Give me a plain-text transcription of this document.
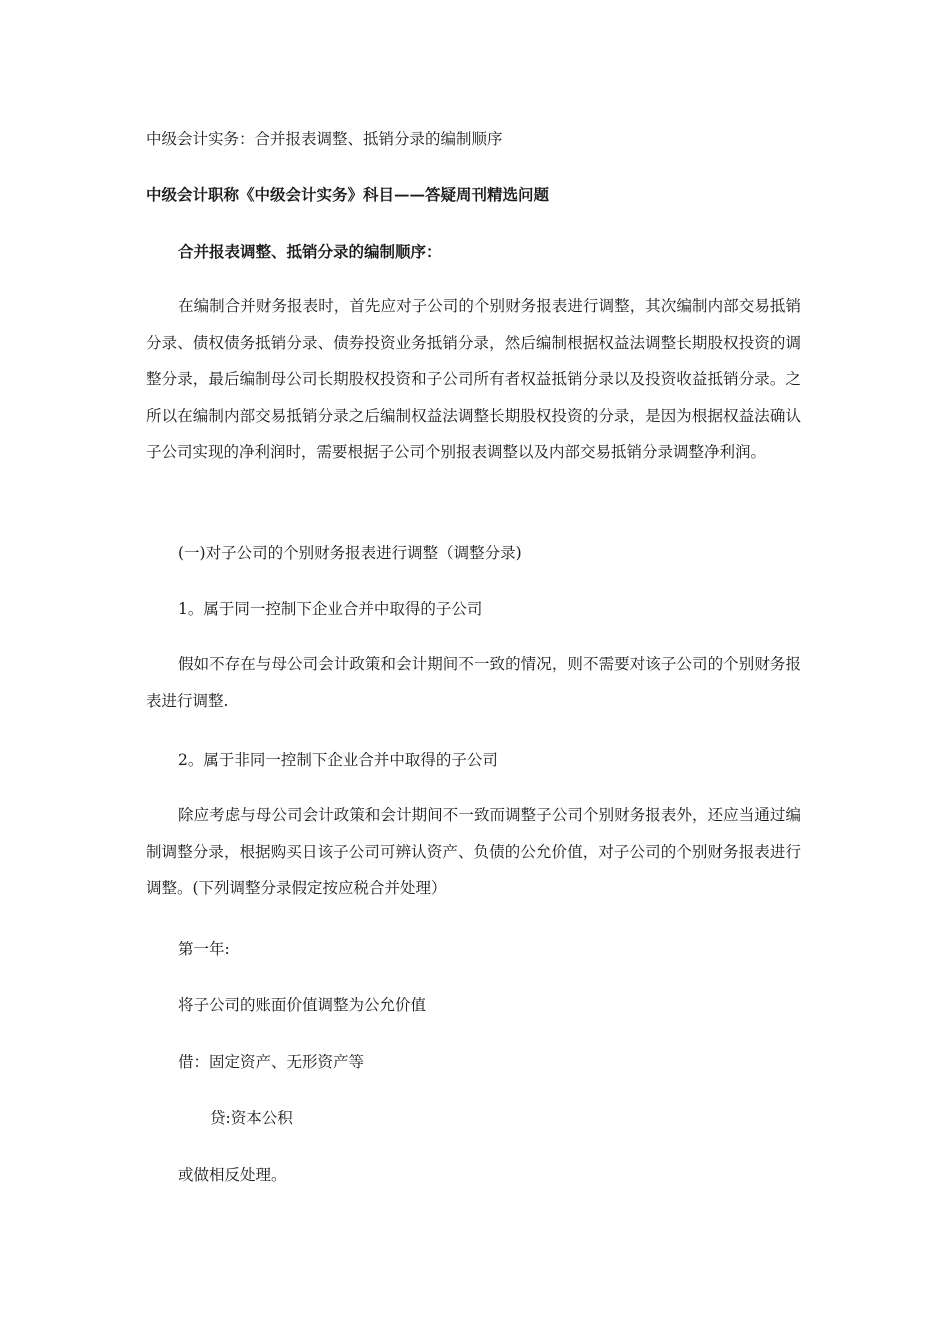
中级会计实务：合并报表调整、抵销分录的编制顺序
中级会计职称《中级会计实务》科目——答疑周刊精选问题
合并报表调整、抵销分录的编制顺序：
在编制合并财务报表时，首先应对子公司的个别财务报表进行调整，其次编制内部交易抵销分录、债权债务抵销分录、债券投资业务抵销分录，然后编制根据权益法调整长期股权投资的调整分录，最后编制母公司长期股权投资和子公司所有者权益抵销分录以及投资收益抵销分录。之所以在编制内部交易抵销分录之后编制权益法调整长期股权投资的分录，是因为根据权益法确认子公司实现的净利润时，需要根据子公司个别报表调整以及内部交易抵销分录调整净利润。
(一)对子公司的个别财务报表进行调整（调整分录)
1。属于同一控制下企业合并中取得的子公司
假如不存在与母公司会计政策和会计期间不一致的情况，则不需要对该子公司的个别财务报表进行调整.
2。属于非同一控制下企业合并中取得的子公司
除应考虑与母公司会计政策和会计期间不一致而调整子公司个别财务报表外，还应当通过编制调整分录，根据购买日该子公司可辨认资产、负债的公允价值，对子公司的个别财务报表进行调整。(下列调整分录假定按应税合并处理）
第一年:
将子公司的账面价值调整为公允价值
借：固定资产、无形资产等
贷:资本公积
或做相反处理。
